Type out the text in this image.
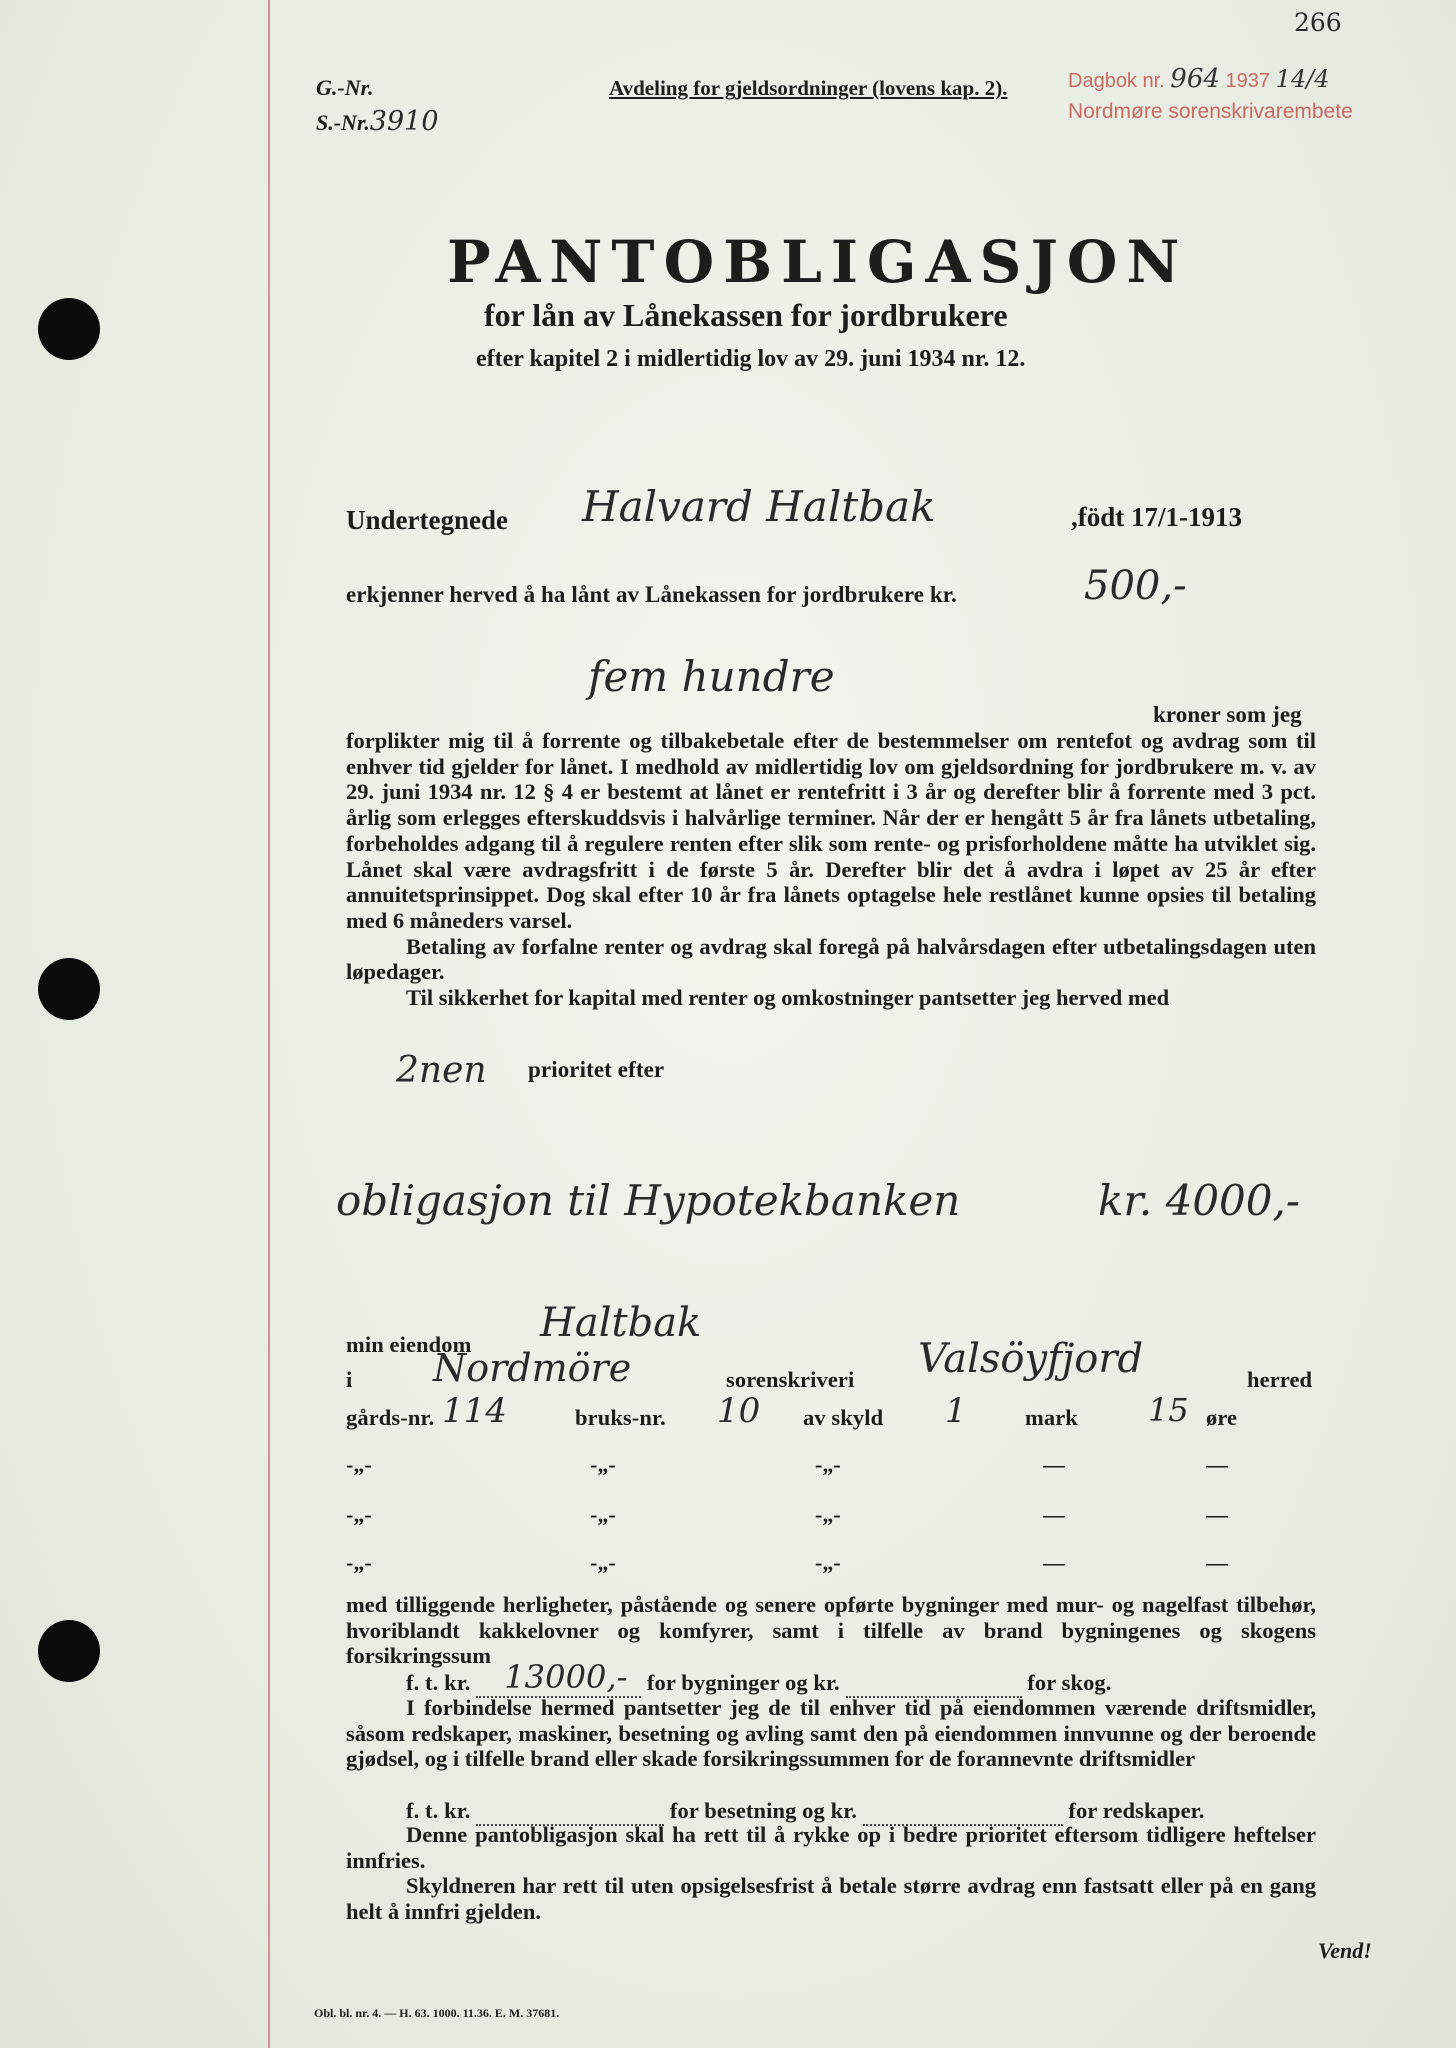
266
G.-Nr.
S.-Nr.3910
Avdeling for gjeldsordninger (lovens kap. 2).	Dagbok nr. 964 1937 14/4
Nordmøre sorenskrivarembete
PANTOBLIGASJON
for lån av Lånekassen for jordbrukere
efter kapitel 2 i midlertidig lov av 29. juni 1934 nr. 12.
Undertegnede Halvard Haltbak	,födt 17/1-1913
erkjenner herved å ha lånt av Lånekassen for jordbrukere kr.	500,-
fem hundre
kroner som jeg

forplikter mig til å forrente og tilbakebetale efter de bestemmelser om rentefot og avdrag som til enhver tid gjelder for lånet. I medhold av midlertidig lov om gjeldsordning for jordbrukere m. v. av 29. juni 1934 nr. 12 § 4 er bestemt at lånet er rentefritt i 3 år og derefter blir å forrente med 3 pct. årlig som erlegges efterskuddsvis i halvårlige terminer. Når der er hengått 5 år fra lånets utbetaling, forbeholdes adgang til å regulere renten efter slik som rente- og prisforholdene måtte ha utviklet sig. Lånet skal være avdragsfritt i de første 5 år. Derefter blir det å avdra i løpet av 25 år efter annuitetsprinsippet. Dog skal efter 10 år fra lånets optagelse hele restlånet kunne opsies til betaling med 6 måneders varsel.

Betaling av forfalne renter og avdrag skal foregå på halvårsdagen efter utbetalingsdagen uten løpedager.

Til sikkerhet for kapital med renter og omkostninger pantsetter jeg herved med

2nen prioritet efter
obligasjon til Hypotekbanken	kr. 4000,-
min eiendom Haltbak
i Nordmöre	sorenskriveri Valsöyfjord	herred
gårds-nr. 114	bruks-nr. 10 av skyld 1	mark 15 øre
-„-	-„-	-„-	—	—
-„-	-„-	-„-	—	—
-„-	-„-	-„-	—	—

med tilliggende herligheter, påstående og senere opførte bygninger med mur- og nagelfast tilbehør, hvoriblandt kakkelovner og komfyrer, samt i tilfelle av brand bygningenes og skogens forsikringssum

f. t. kr. 13000,- for bygninger og kr.	for skog.

I forbindelse hermed pantsetter jeg de til enhver tid på eiendommen værende driftsmidler, såsom redskaper, maskiner, besetning og avling samt den på eiendommen innvunne og der beroende gjødsel, og i tilfelle brand eller skade forsikringssummen for de forannevnte driftsmidler

f. t. kr.	for besetning og kr.	for redskaper.

Denne pantobligasjon skal ha rett til å rykke op i bedre prioritet eftersom tidligere heftelser innfries.

Skyldneren har rett til uten opsigelsesfrist å betale større avdrag enn fastsatt eller på en gang helt å innfri gjelden.

Obl. bl. nr. 4. — H. 63. 1000. 11.36. E. M. 37681.
Vend!
